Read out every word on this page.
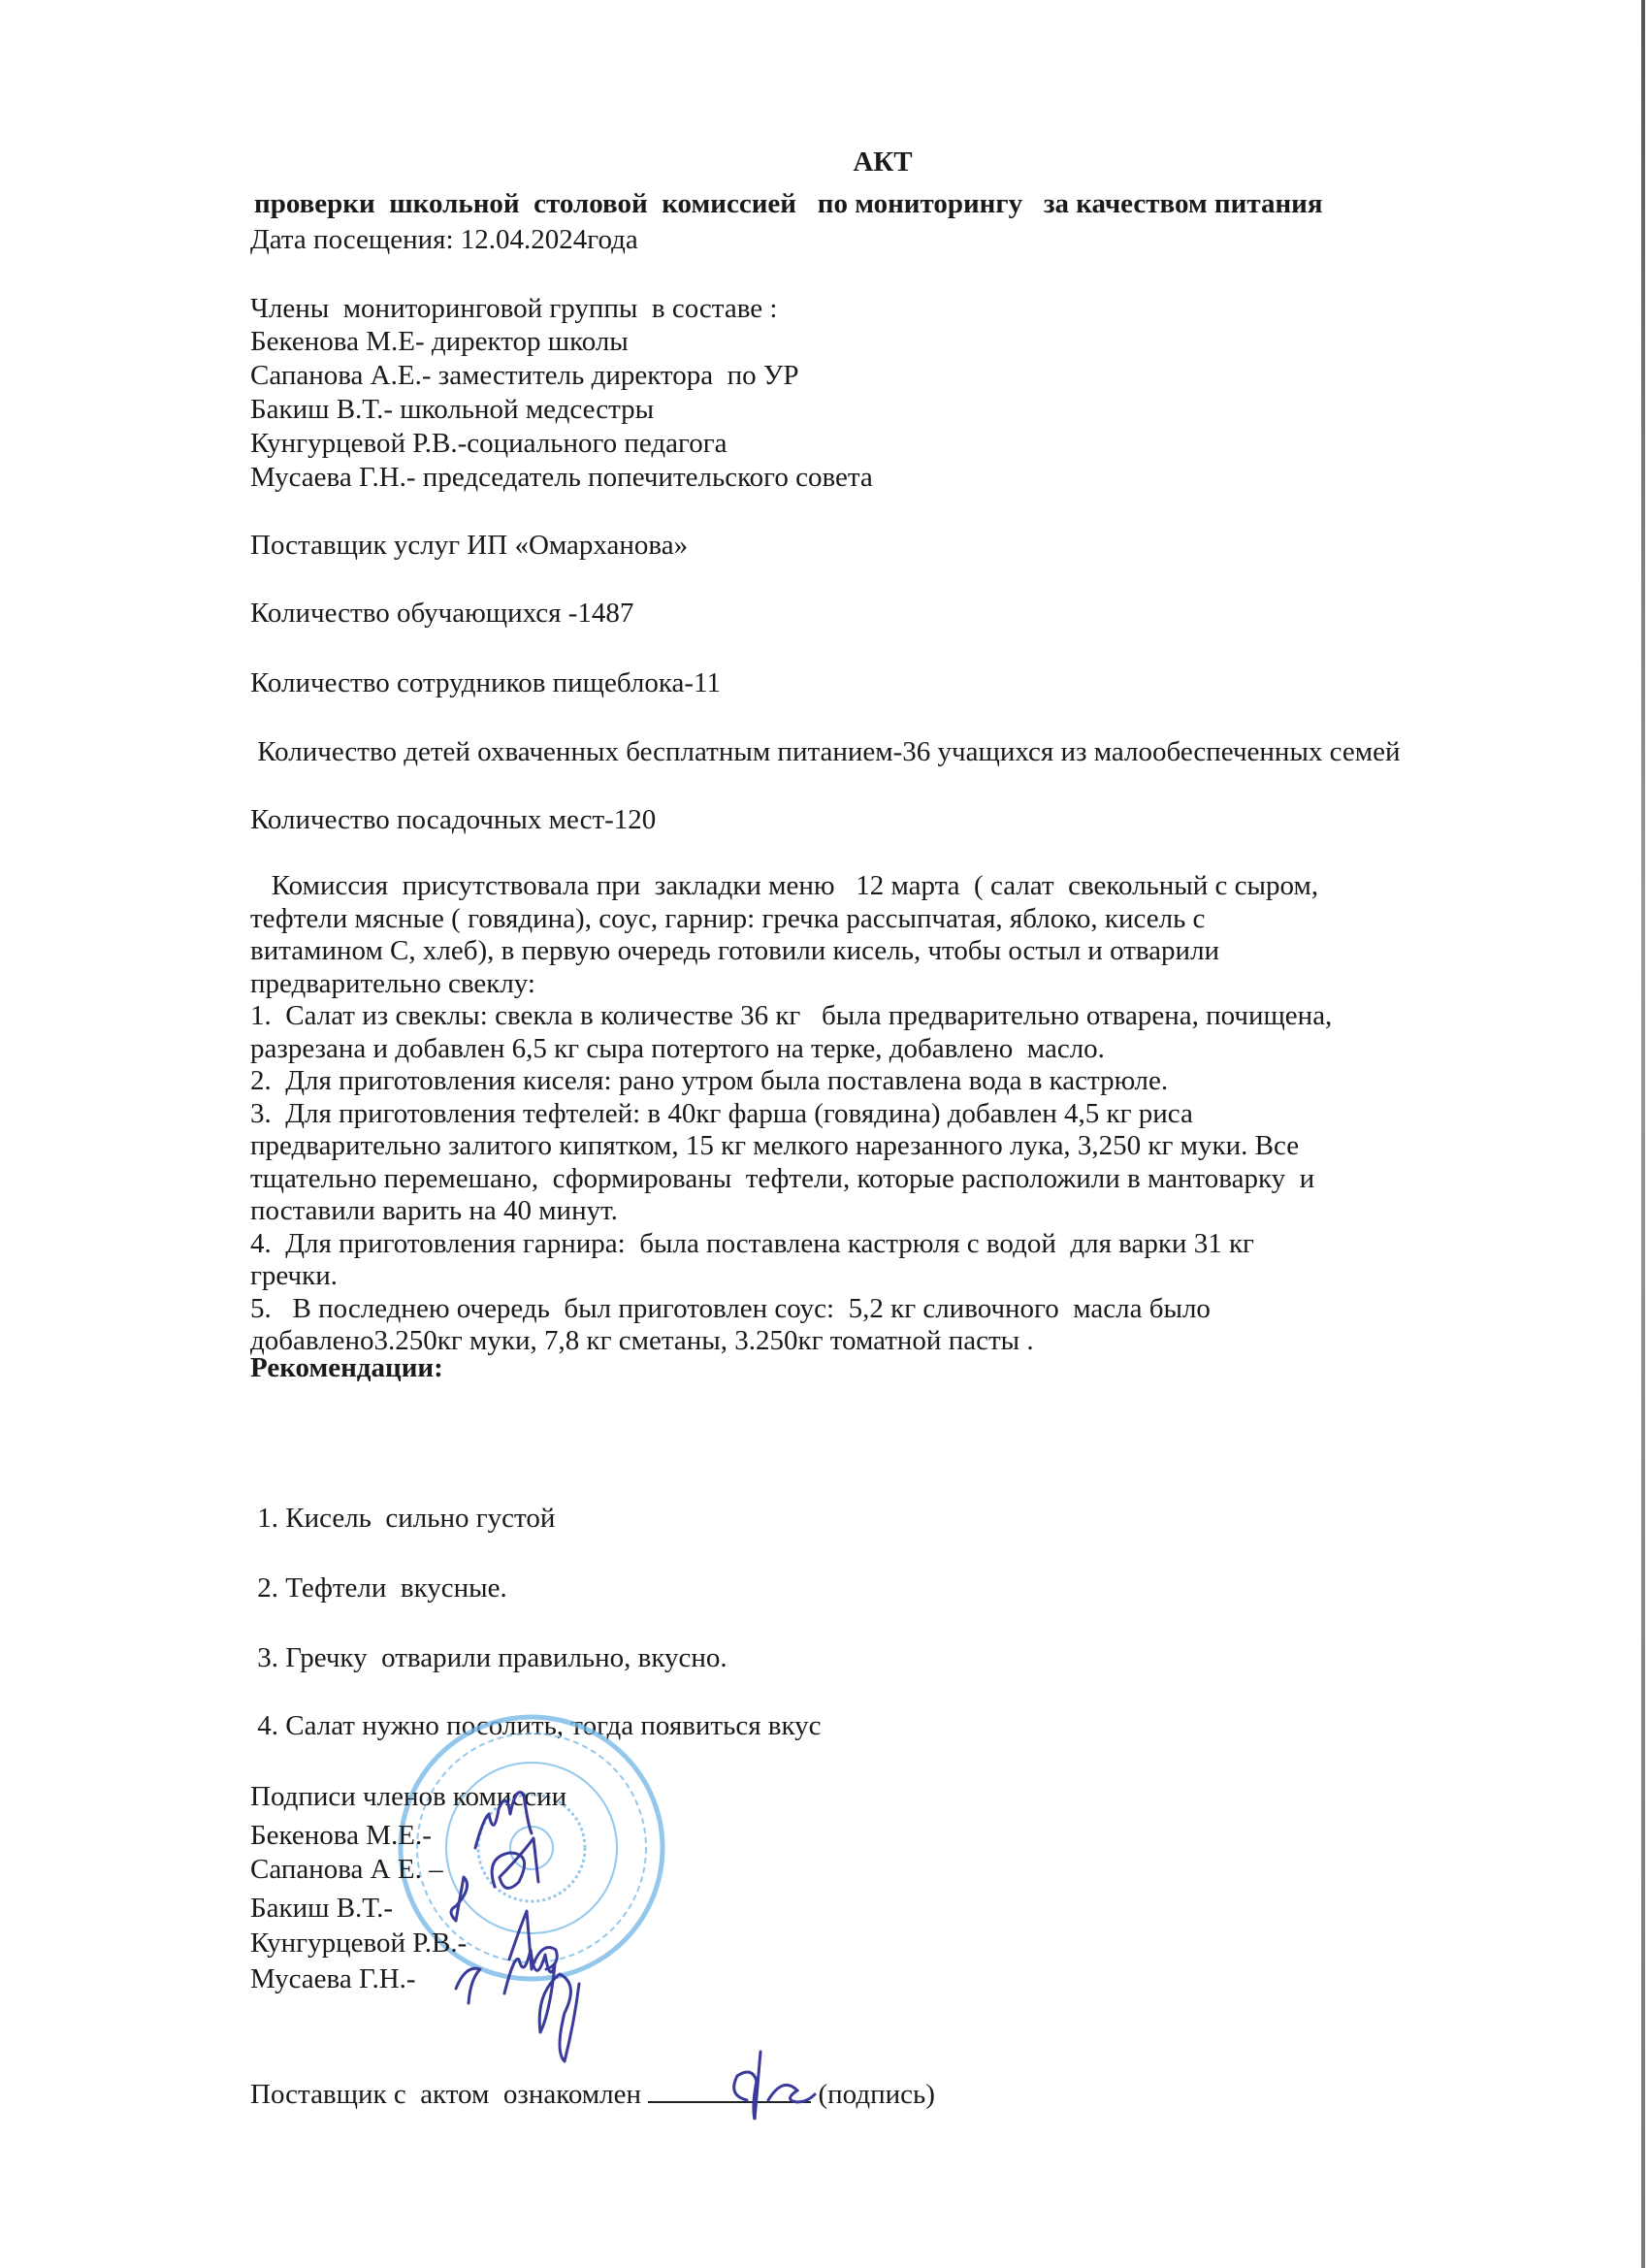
АКТ
проверки  школьной  столовой  комиссией   по мониторингу   за качеством питания
Дата посещения: 12.04.2024года
Члены  мониторинговой группы  в составе :
Бекенова М.Е- директор школы
Сапанова А.Е.- заместитель директора  по УР
Бакиш В.Т.- школьной медсестры
Кунгурцевой Р.В.-социального педагога
Мусаева Г.Н.- председатель попечительского совета
Поставщик услуг ИП «Омарханова»
Количество обучающихся -1487
Количество сотрудников пищеблока-11
Количество детей охваченных бесплатным питанием-36 учащихся из малообеспеченных семей
Количество посадочных мест-120
Комиссия  присутствовала при  закладки меню   12 марта  ( салат  свекольный с сыром,
тефтели мясные ( говядина), соус, гарнир: гречка рассыпчатая, яблоко, кисель с
витамином С, хлеб), в первую очередь готовили кисель, чтобы остыл и отварили
предварительно свеклу:
1.  Салат из свеклы: свекла в количестве 36 кг   была предварительно отварена, почищена,
разрезана и добавлен 6,5 кг сыра потертого на терке, добавлено  масло.
2.  Для приготовления киселя: рано утром была поставлена вода в кастрюле.
3.  Для приготовления тефтелей: в 40кг фарша (говядина) добавлен 4,5 кг риса
предварительно залитого кипятком, 15 кг мелкого нарезанного лука, 3,250 кг муки. Все
тщательно перемешано,  сформированы  тефтели, которые расположили в мантоварку  и
поставили варить на 40 минут.
4.  Для приготовления гарнира:  была поставлена кастрюля с водой  для варки 31 кг
гречки.
5.   В последнею очередь  был приготовлен соус:  5,2 кг сливочного  масла было
добавлено3.250кг муки, 7,8 кг сметаны, 3.250кг томатной пасты .
Рекомендации:
1. Кисель  сильно густой
2. Тефтели  вкусные.
3. Гречку  отварили правильно, вкусно.
4. Салат нужно посолить, тогда появиться вкус
Подписи членов комиссии
Бекенова М.Е.-
Сапанова А Е. –
Бакиш В.Т.-
Кунгурцевой Р.В.-
Мусаева Г.Н.-
Поставщик с  актом  ознакомлен	(подпись)
